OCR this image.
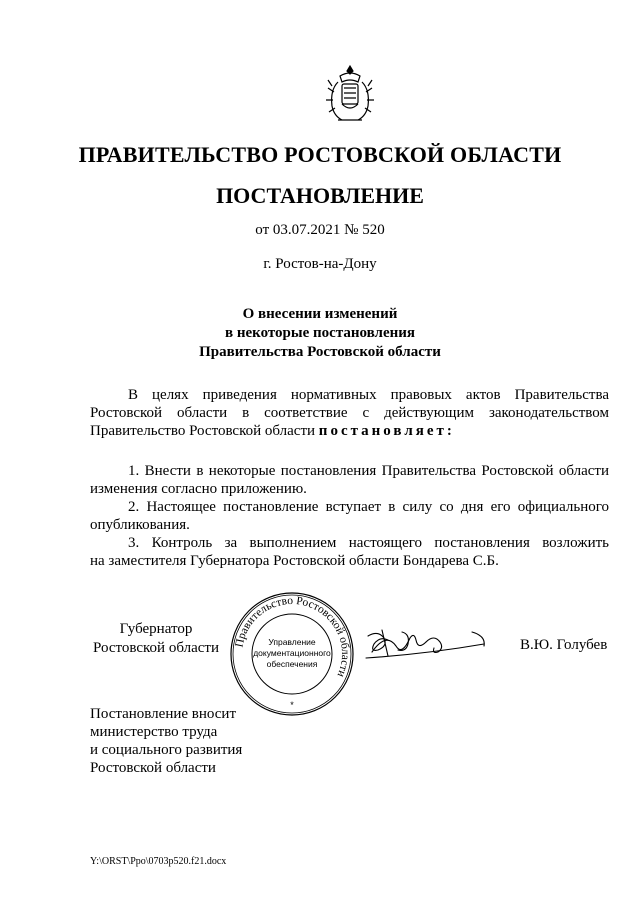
ПРАВИТЕЛЬСТВО РОСТОВСКОЙ ОБЛАСТИ
ПОСТАНОВЛЕНИЕ
от 03.07.2021 № 520
г. Ростов-на-Дону
О внесении изменений
в некоторые постановления
Правительства Ростовской области
В целях приведения нормативных правовых актов Правительства
Ростовской области в соответствие с действующим законодательством
Правительство Ростовской области постановляет:
1. Внести в некоторые постановления Правительства Ростовской области
изменения согласно приложению.
2. Настоящее постановление вступает в силу со дня его официального
опубликования.
3. Контроль за выполнением настоящего постановления возложить
на заместителя Губернатора Ростовской области Бондарева С.Б.
Губернатор
Ростовской области Правительство Ростовской области
Управление
документационного
обеспечения
*
В.Ю. Голубев
Постановление вносит
министерство труда
и социального развития
Ростовской области
Y:\ORST\Ppo\0703p520.f21.docx
